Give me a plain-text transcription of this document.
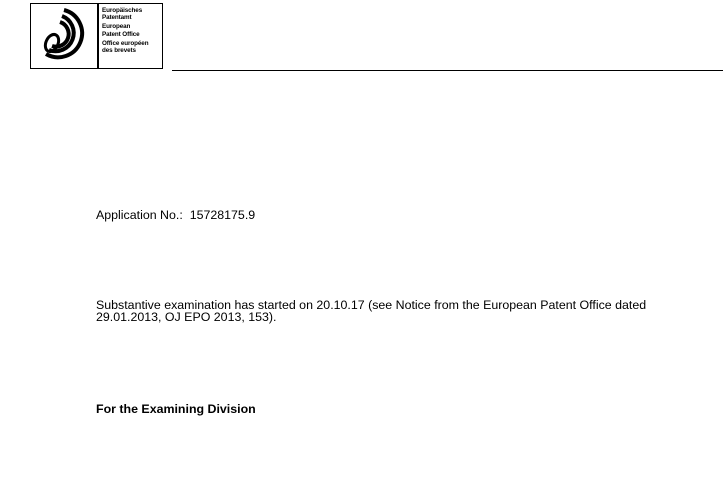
Europäisches
Patentamt
European
Patent Office
Office européen
des brevets
Application No.: 15728175.9
Substantive examination has started on 20.10.17 (see Notice from the European Patent Office dated
29.01.2013, OJ EPO 2013, 153).
For the Examining Division
